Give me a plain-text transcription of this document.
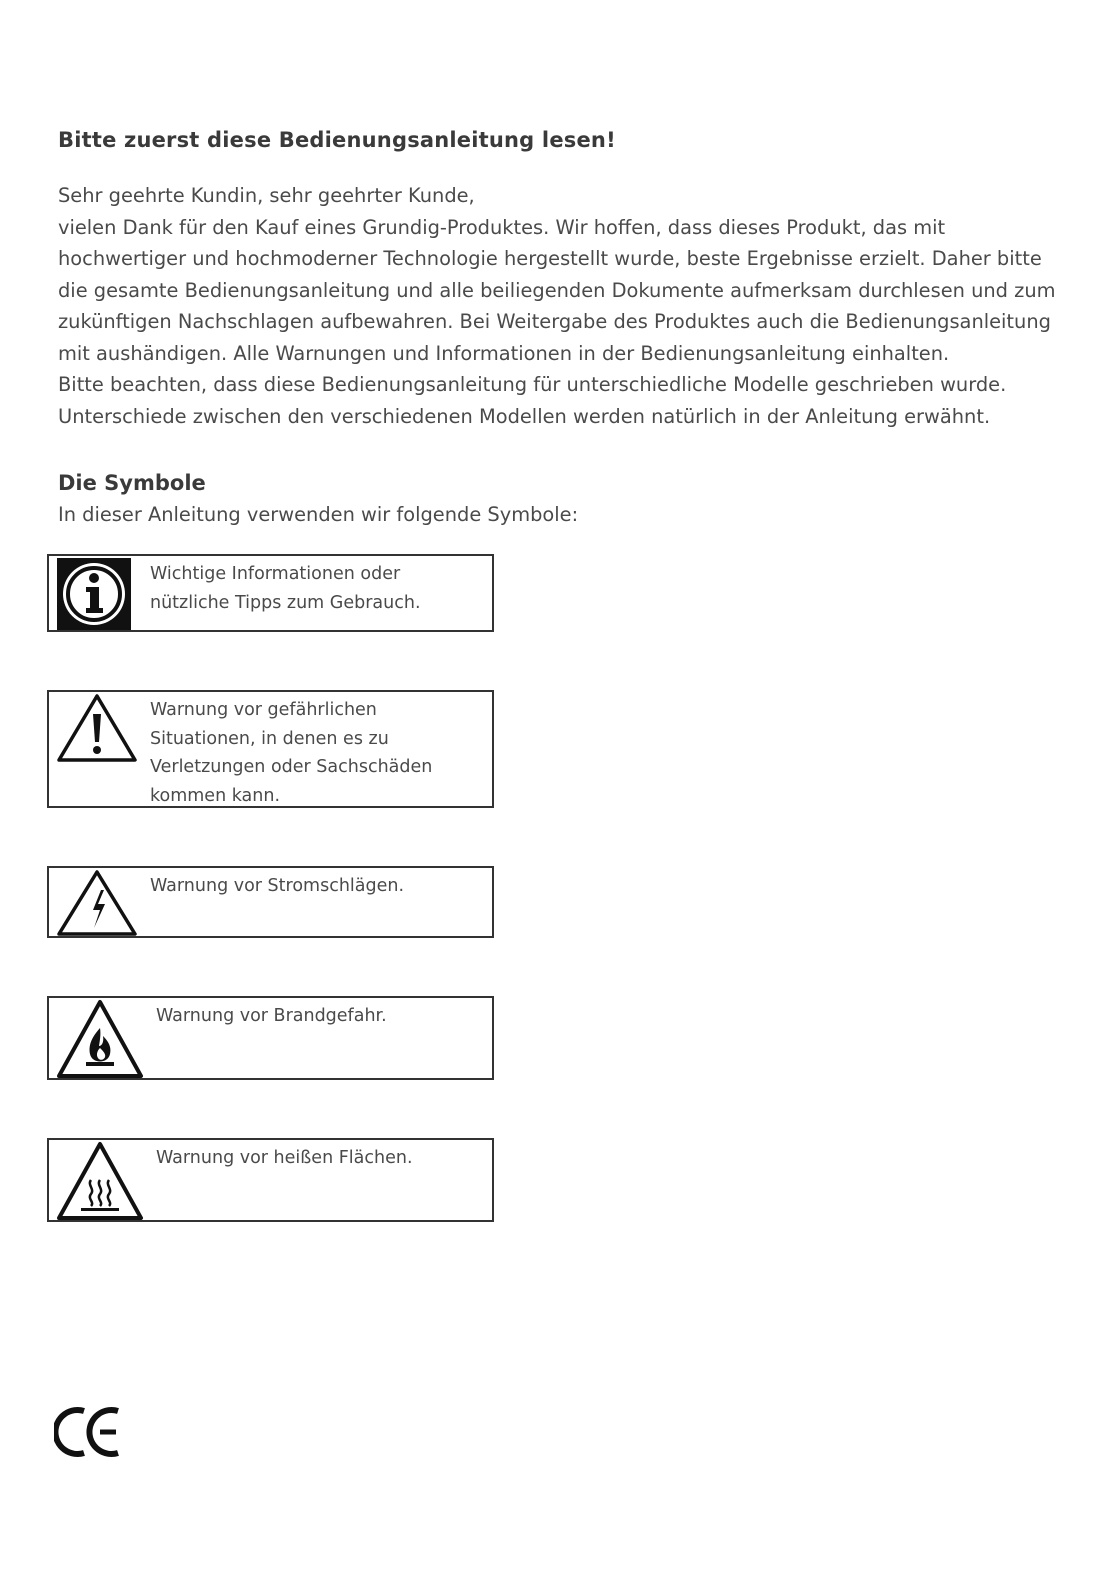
Bitte zuerst diese Bedienungsanleitung lesen!

Sehr geehrte Kundin, sehr geehrter Kunde,

vielen Dank für den Kauf eines Grundig-Produktes. Wir hoffen, dass dieses Produkt, das mit hochwertiger und hochmoderner Technologie hergestellt wurde, beste Ergebnisse erzielt. Daher bitte die gesamte Bedienungsanleitung und alle beiliegenden Dokumente aufmerksam durchlesen und zum zukünftigen Nachschlagen aufbewahren. Bei Weitergabe des Produktes auch die Bedienungsanleitung mit aushändigen. Alle Warnungen und Informationen in der Bedienungsanleitung einhalten.

Bitte beachten, dass diese Bedienungsanleitung für unterschiedliche Modelle geschrieben wurde. Unterschiede zwischen den verschiedenen Modellen werden natürlich in der Anleitung erwähnt.

Die Symbole
In dieser Anleitung verwenden wir folgende Symbole:
Wichtige Informationen oder nützliche Tipps zum Gebrauch.
Warnung vor gefährlichen Situationen, in denen es zu Verletzungen oder Sachschäden kommen kann.
Warnung vor Stromschlägen.
Warnung vor Brandgefahr.
Warnung vor heißen Flächen.
